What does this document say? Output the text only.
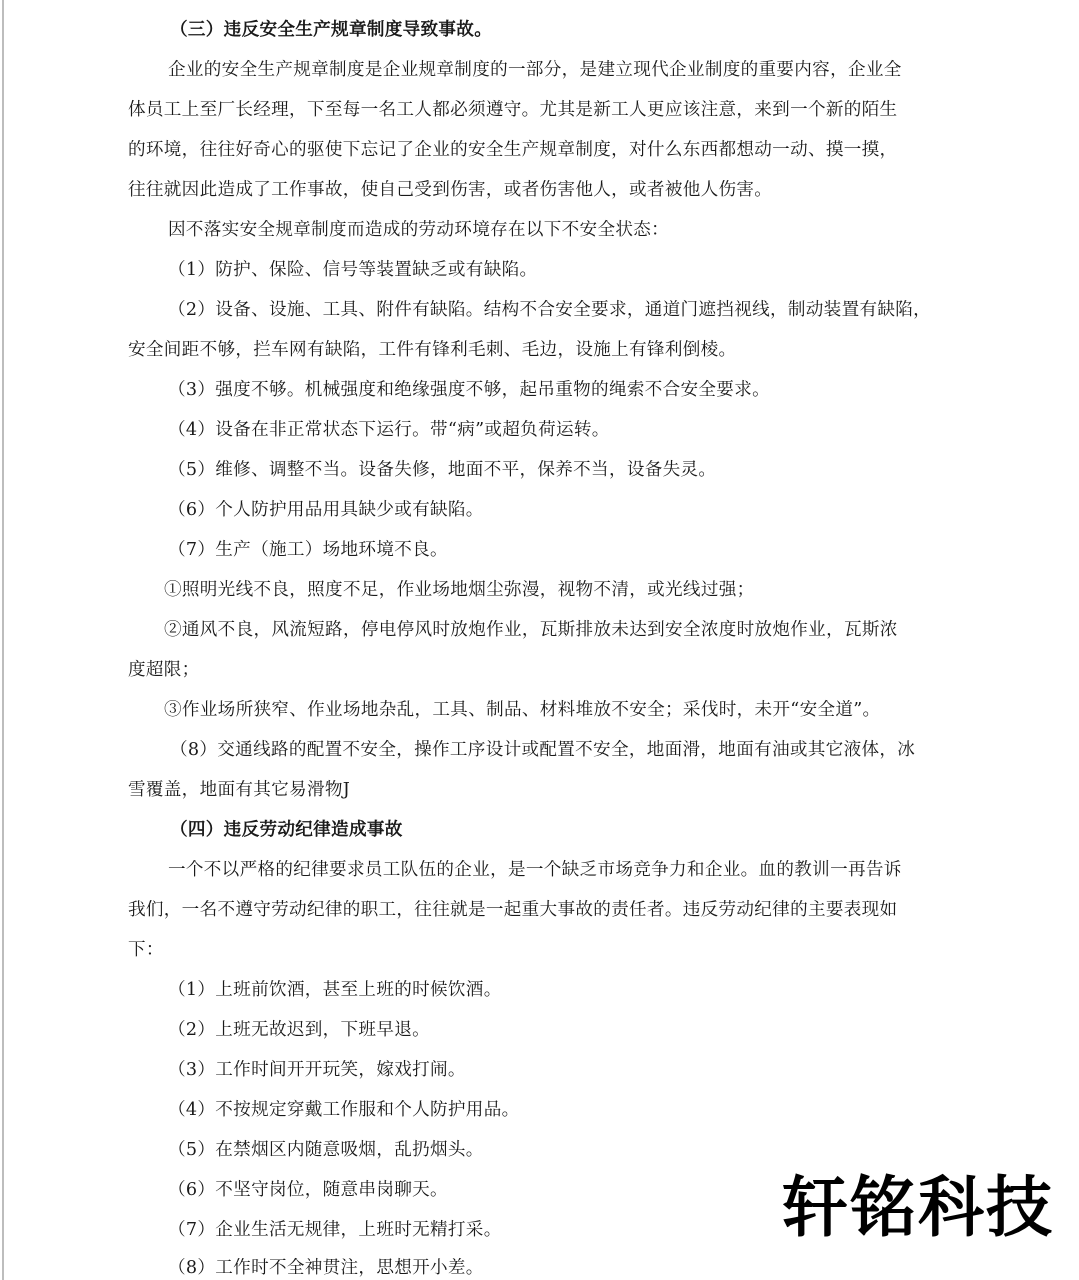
（三）违反安全生产规章制度导致事故。
企业的安全生产规章制度是企业规章制度的一部分，是建立现代企业制度的重要内容，企业全
体员工上至厂长经理，下至每一名工人都必须遵守。尤其是新工人更应该注意，来到一个新的陌生
的环境，往往好奇心的驱使下忘记了企业的安全生产规章制度，对什么东西都想动一动、摸一摸，
往往就因此造成了工作事故，使自己受到伤害，或者伤害他人，或者被他人伤害。
因不落实安全规章制度而造成的劳动环境存在以下不安全状态：
（1）防护、保险、信号等装置缺乏或有缺陷。
（2）设备、设施、工具、附件有缺陷。结构不合安全要求，通道门遮挡视线，制动装置有缺陷，
安全间距不够，拦车网有缺陷，工件有锋利毛刺、毛边，设施上有锋利倒棱。
（3）强度不够。机械强度和绝缘强度不够，起吊重物的绳索不合安全要求。
（4）设备在非正常状态下运行。带“病”或超负荷运转。
（5）维修、调整不当。设备失修，地面不平，保养不当，设备失灵。
（6）个人防护用品用具缺少或有缺陷。
（7）生产（施工）场地环境不良。
①照明光线不良，照度不足，作业场地烟尘弥漫，视物不清，或光线过强；
②通风不良，风流短路，停电停风时放炮作业，瓦斯排放未达到安全浓度时放炮作业，瓦斯浓
度超限；
③作业场所狭窄、作业场地杂乱，工具、制品、材料堆放不安全；采伐时，未开“安全道”。
（8）交通线路的配置不安全，操作工序设计或配置不安全，地面滑，地面有油或其它液体，冰
雪覆盖，地面有其它易滑物J
（四）违反劳动纪律造成事故
一个不以严格的纪律要求员工队伍的企业，是一个缺乏市场竞争力和企业。血的教训一再告诉
我们，一名不遵守劳动纪律的职工，往往就是一起重大事故的责任者。违反劳动纪律的主要表现如
下：
（1）上班前饮酒，甚至上班的时候饮酒。
（2）上班无故迟到，下班早退。
（3）工作时间开开玩笑，嫁戏打闹。
（4）不按规定穿戴工作服和个人防护用品。
（5）在禁烟区内随意吸烟，乱扔烟头。
（6）不坚守岗位，随意串岗聊天。
（7）企业生活无规律，上班时无精打采。
（8）工作时不全神贯注，思想开小差。
轩铭科技
